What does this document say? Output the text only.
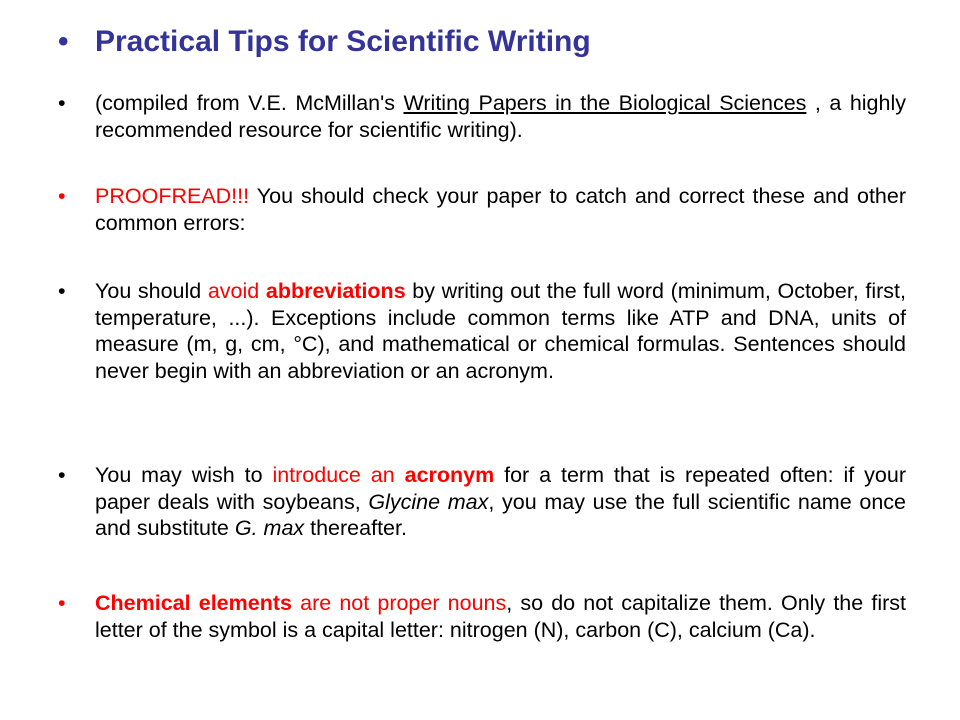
• Practical Tips for Scientific Writing
• (compiled from V.E. McMillan's Writing Papers in the Biological Sciences , a highly recommended resource for scientific writing).
• PROOFREAD!!! You should check your paper to catch and correct these and other common errors:
• You should avoid abbreviations by writing out the full word (minimum, October, first, temperature, ...). Exceptions include common terms like ATP and DNA, units of measure (m, g, cm, °C), and mathematical or chemical formulas. Sentences should never begin with an abbreviation or an acronym.
• You may wish to introduce an acronym for a term that is repeated often: if your paper deals with soybeans, Glycine max, you may use the full scientific name once and substitute G. max thereafter.
• Chemical elements are not proper nouns, so do not capitalize them. Only the first letter of the symbol is a capital letter: nitrogen (N), carbon (C), calcium (Ca).
